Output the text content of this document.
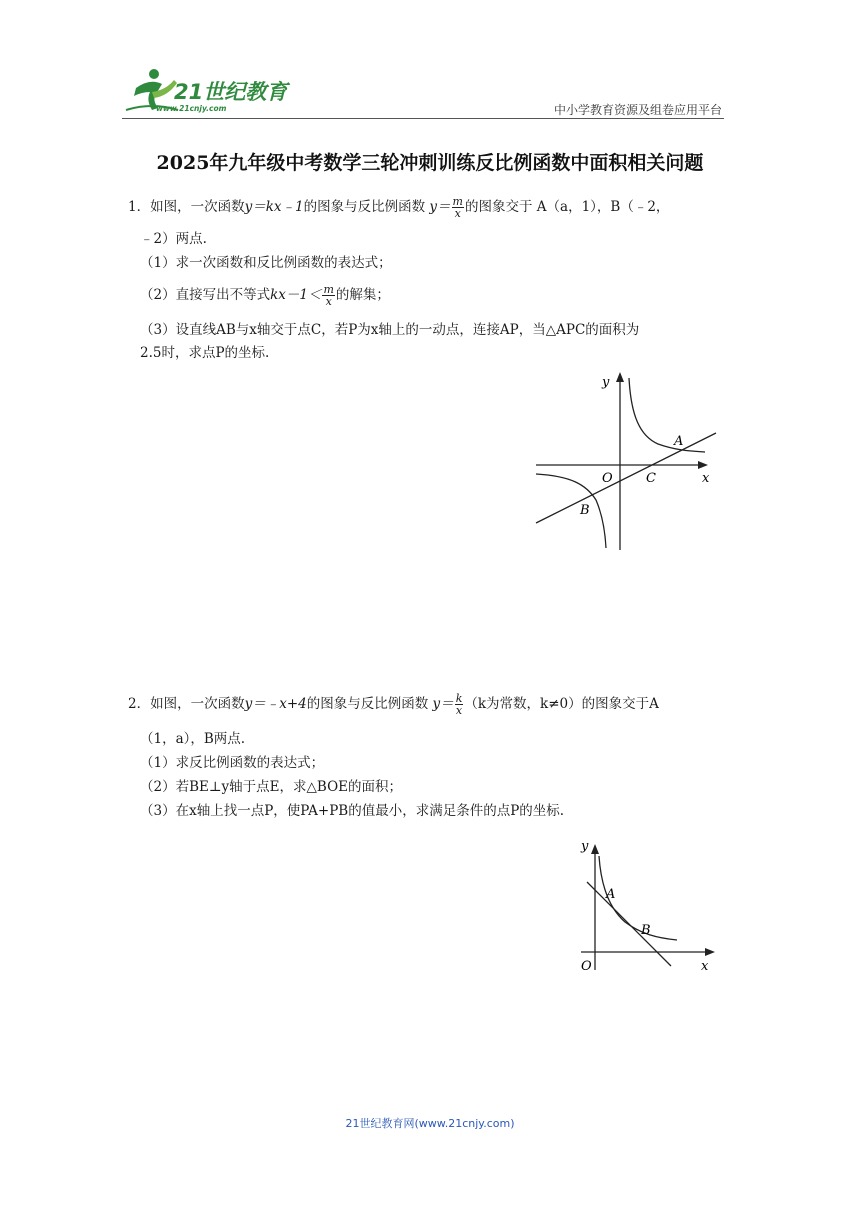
21世纪教育
www.21cnjy.com	中小学教育资源及组卷应用平台
2025年九年级中考数学三轮冲刺训练反比例函数中面积相关问题
1．如图，一次函数y＝kx﹣1的图象与反比例函数 $y= \frac{m}{x}$ 的图象交于 A（a，1），B（﹣2，
﹣2）两点.
（1）求一次函数和反比例函数的表达式；
（2）直接写出不等式$kx-1< \frac{m}{x}$ 的解集；
（3）设直线AB与x轴交于点C，若P为x轴上的一动点，连接AP，当△APC的面积为
2.5时，求点P的坐标.
y
x
O
A
B
C
2．如图，一次函数y＝﹣x+4的图象与反比例函数 $y= \frac{k}{x} (k$为常数，k≠0）的图象交于A
（1，a），B两点.
（1）求反比例函数的表达式；
（2）若BE⊥y轴于点E，求△BOE的面积；
（3）在x轴上找一点P，使PA+PB的值最小，求满足条件的点P的坐标.
y
x
O
A
B
21世纪教育网(www.21cnjy.com)
